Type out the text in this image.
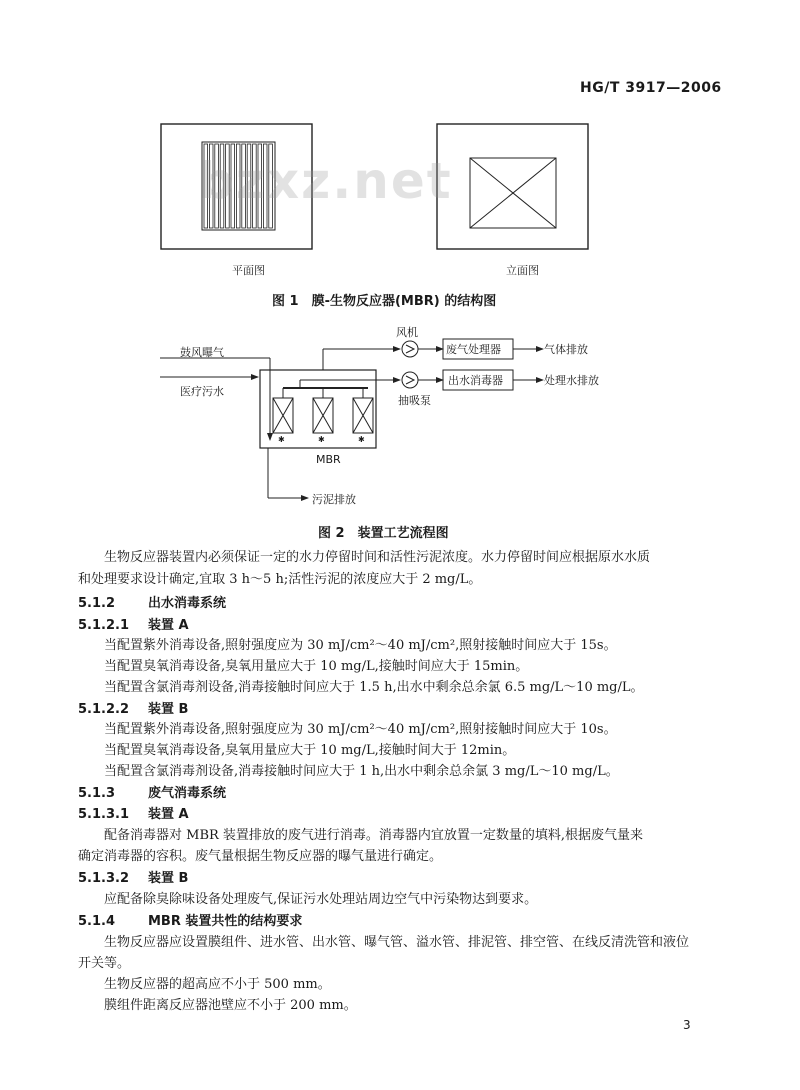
HG/T 3917—2006
bzxz.net
平面图	立面图
图 1　膜-生物反应器(MBR) 的结构图
✱	✱	✱
鼓风曝气
医疗污水
风机
抽吸泵
废气处理器	气体排放
出水消毒器	处理水排放
MBR
污泥排放
图 2　装置工艺流程图
生物反应器装置内必须保证一定的水力停留时间和活性污泥浓度。水力停留时间应根据原水水质
和处理要求设计确定,宜取 3 h～5 h;活性污泥的浓度应大于 2 mg/L。
5.1.2	出水消毒系统
5.1.2.1 装置 A
当配置紫外消毒设备,照射强度应为 30 mJ/cm²～40 mJ/cm²,照射接触时间应大于 15s。
当配置臭氧消毒设备,臭氧用量应大于 10 mg/L,接触时间应大于 15min。
当配置含氯消毒剂设备,消毒接触时间应大于 1.5 h,出水中剩余总余氯 6.5 mg/L～10 mg/L。
5.1.2.2 装置 B
当配置紫外消毒设备,照射强度应为 30 mJ/cm²～40 mJ/cm²,照射接触时间应大于 10s。
当配置臭氧消毒设备,臭氧用量应大于 10 mg/L,接触时间大于 12min。
当配置含氯消毒剂设备,消毒接触时间应大于 1 h,出水中剩余总余氯 3 mg/L～10 mg/L。
5.1.3	废气消毒系统
5.1.3.1 装置 A
配备消毒器对 MBR 装置排放的废气进行消毒。消毒器内宜放置一定数量的填料,根据废气量来
确定消毒器的容积。废气量根据生物反应器的曝气量进行确定。
5.1.3.2 装置 B
应配备除臭除味设备处理废气,保证污水处理站周边空气中污染物达到要求。
5.1.4	MBR 装置共性的结构要求
生物反应器应设置膜组件、进水管、出水管、曝气管、溢水管、排泥管、排空管、在线反清洗管和液位
开关等。
生物反应器的超高应不小于 500 mm。
膜组件距离反应器池壁应不小于 200 mm。
3
